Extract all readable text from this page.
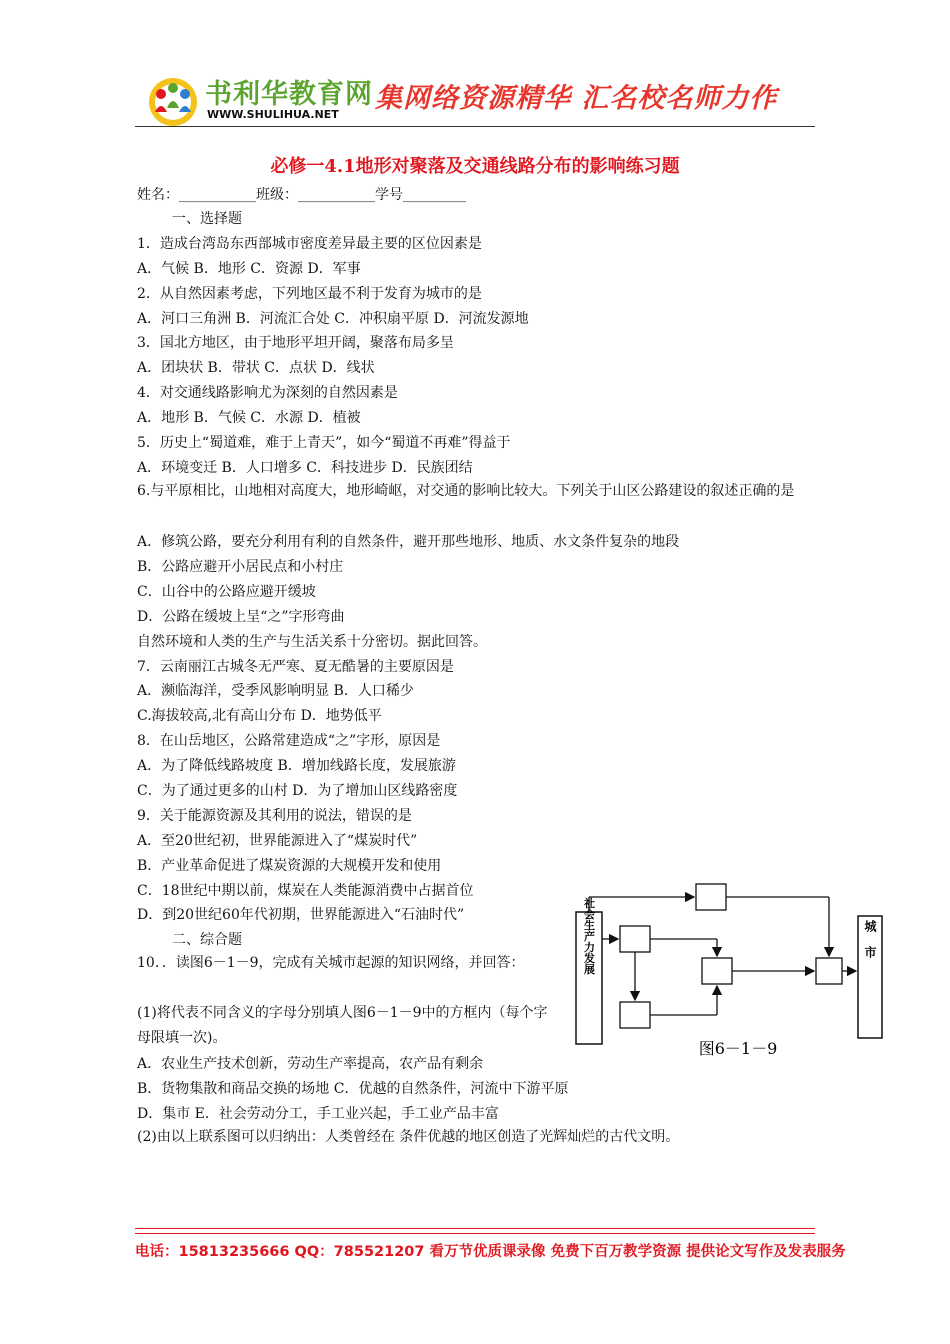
书利华教育网
WWW.SHULIHUA.NET
集网络资源精华 汇名校名师力作
必修一4.1地形对聚落及交通线路分布的影响练习题
姓名：___________班级：___________学号_________
一、选择题
1．造成台湾岛东西部城市密度差异最主要的区位因素是
A．气候 B．地形 C．资源 D．军事
2．从自然因素考虑，下列地区最不利于发育为城市的是
A．河口三角洲 B．河流汇合处 C．冲积扇平原 D．河流发源地
3．国北方地区，由于地形平坦开阔，聚落布局多呈
A．团块状 B．带状 C．点状 D．线状
4．对交通线路影响尤为深刻的自然因素是
A．地形 B．气候 C．水源 D．植被
5．历史上“蜀道难，难于上青天”，如今“蜀道不再难”得益于
A．环境变迁 B．人口增多 C．科技进步 D．民族团结
6.与平原相比，山地相对高度大，地形崎岖，对交通的影响比较大。下列关于山区公路建设的叙述正确的是
A．修筑公路，要充分利用有利的自然条件，避开那些地形、地质、水文条件复杂的地段
B．公路应避开小居民点和小村庄
C．山谷中的公路应避开缓坡
D．公路在缓坡上呈“之”字形弯曲
自然环境和人类的生产与生活关系十分密切。据此回答。
7．云南丽江古城冬无严寒、夏无酷暑的主要原因是
A．濒临海洋，受季风影响明显 B．人口稀少
C.海拔较高,北有高山分布 D．地势低平
8．在山岳地区，公路常建造成“之”字形，原因是
A．为了降低线路坡度 B．增加线路长度，发展旅游
C．为了通过更多的山村 D．为了增加山区线路密度
9．关于能源资源及其利用的说法，错误的是
A．至20世纪初，世界能源进入了“煤炭时代”
B．产业革命促进了煤炭资源的大规模开发和使用
C．18世纪中期以前，煤炭在人类能源消费中占据首位
D．到20世纪60年代初期，世界能源进入“石油时代”
二、综合题
10．．读图6－1－9，完成有关城市起源的知识网络，并回答：
(1)将代表不同含义的字母分别填人图6－1－9中的方框内（每个字母限填一次)。
A．农业生产技术创新，劳动生产率提高，农产品有剩余
B．货物集散和商品交换的场地 C．优越的自然条件，河流中下游平原
D．集市 E．社会劳动分工，手工业兴起，手工业产品丰富
(2)由以上联系图可以归纳出：人类曾经在 条件优越的地区创造了光辉灿烂的古代文明。
社会生产力发展	城市
图6－1－9
电话：15813235666 QQ：785521207 看万节优质课录像 免费下百万教学资源 提供论文写作及发表服务
